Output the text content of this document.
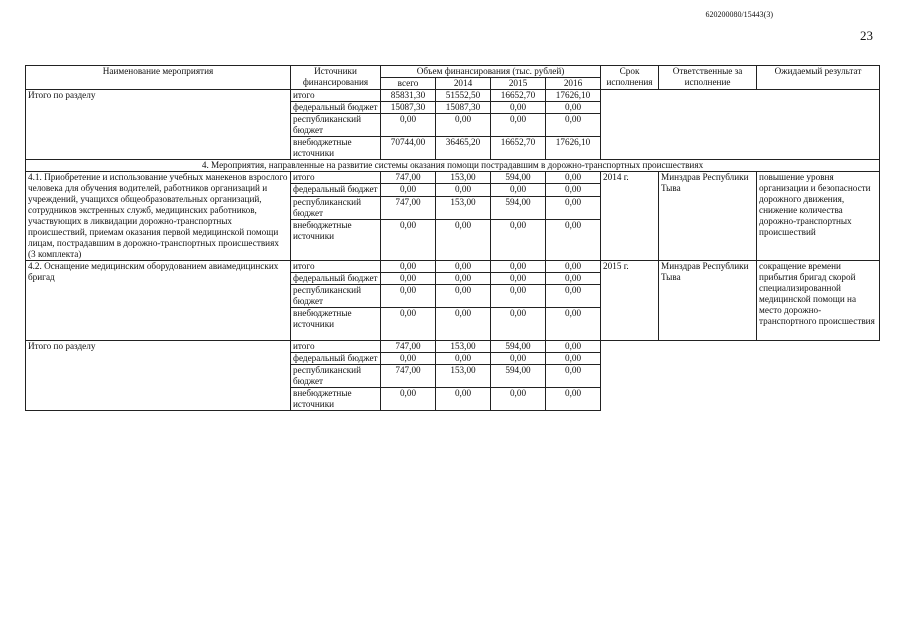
620200080/15443(3)
23
Наименование мероприятия	Источники финансирования	Объем финансирования (тыс. рублей)				Срок исполнения	Ответственные за исполнение	Ожидаемый результат
		всего	2014	2015	2016			
Итого по разделу	итого	85831,30	51552,50	16652,70	17626,10			
	федеральный бюджет	15087,30	15087,30	0,00	0,00			
	республиканский бюджет	0,00	0,00	0,00	0,00			
	внебюджетные источники	70744,00	36465,20	16652,70	17626,10			
4. Мероприятия, направленные на развитие системы оказания помощи пострадавшим в дорожно-транспортных происшествиях								
4.1. Приобретение и использование учебных манекенов взрослого человека для обучения водителей, работников организаций и учреждений, учащихся общеобразовательных организаций, сотрудников экстренных служб, медицинских работников, участвующих в ликвидации дорожно-транспортных происшествий, приемам оказания первой медицинской помощи лицам, пострадавшим в дорожно-транспортных происшествиях (3 комплекта)	итого	747,00	153,00	594,00	0,00	2014 г.	Минздрав Республики Тыва	повышение уровня организации и безопасности дорожного движения, снижение количества дорожно-транспортных происшествий
	федеральный бюджет	0,00	0,00	0,00	0,00			
	республиканский бюджет	747,00	153,00	594,00	0,00			
	внебюджетные источники	0,00	0,00	0,00	0,00			
4.2. Оснащение медицинским оборудованием авиамедицинских бригад	итого	0,00	0,00	0,00	0,00	2015 г.	Минздрав Республики Тыва	сокращение времени прибытия бригад скорой специализированной медицинской помощи на место дорожно-транспортного происшествия
	федеральный бюджет	0,00	0,00	0,00	0,00			
	республиканский бюджет	0,00	0,00	0,00	0,00			
	внебюджетные источники	0,00	0,00	0,00	0,00			
Итого по разделу	итого	747,00	153,00	594,00	0,00			
	федеральный бюджет	0,00	0,00	0,00	0,00			
	республиканский бюджет	747,00	153,00	594,00	0,00			
	внебюджетные источники	0,00	0,00	0,00	0,00			
